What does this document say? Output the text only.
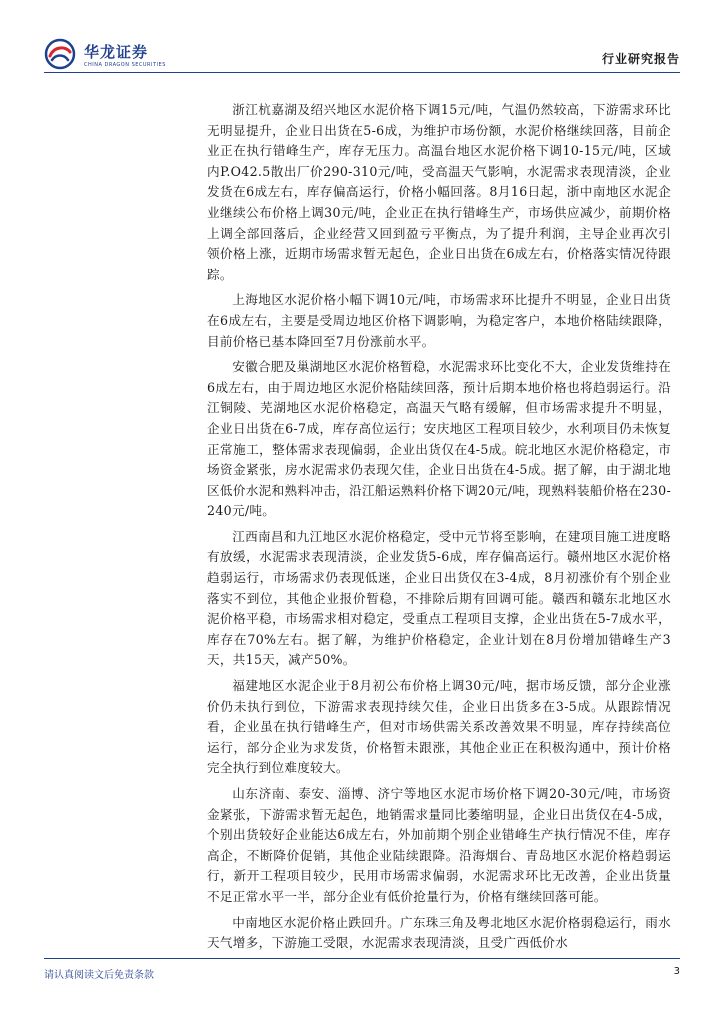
华龙证券
CHINA DRAGON SECURITIES	行业研究报告

浙江杭嘉湖及绍兴地区水泥价格下调15元/吨，气温仍然较高，下游需求环比无明显提升，企业日出货在5-6成，为维护市场份额，水泥价格继续回落，目前企业正在执行错峰生产，库存无压力。高温台地区水泥价格下调10-15元/吨，区域内P.O42.5散出厂价290-310元/吨，受高温天气影响，水泥需求表现清淡，企业发货在6成左右，库存偏高运行，价格小幅回落。8月16日起，浙中南地区水泥企业继续公布价格上调30元/吨，企业正在执行错峰生产，市场供应减少，前期价格上调全部回落后，企业经营又回到盈亏平衡点，为了提升利润，主导企业再次引领价格上涨，近期市场需求暂无起色，企业日出货在6成左右，价格落实情况待跟踪。

上海地区水泥价格小幅下调10元/吨，市场需求环比提升不明显，企业日出货在6成左右，主要是受周边地区价格下调影响，为稳定客户，本地价格陆续跟降，目前价格已基本降回至7月份涨前水平。

安徽合肥及巢湖地区水泥价格暂稳，水泥需求环比变化不大，企业发货维持在6成左右，由于周边地区水泥价格陆续回落，预计后期本地价格也将趋弱运行。沿江铜陵、芜湖地区水泥价格稳定，高温天气略有缓解，但市场需求提升不明显，企业日出货在6-7成，库存高位运行；安庆地区工程项目较少，水利项目仍未恢复正常施工，整体需求表现偏弱，企业出货仅在4-5成。皖北地区水泥价格稳定，市场资金紧张，房水泥需求仍表现欠佳，企业日出货在4-5成。据了解，由于湖北地区低价水泥和熟料冲击，沿江船运熟料价格下调20元/吨，现熟料装船价格在230-240元/吨。

江西南昌和九江地区水泥价格稳定，受中元节将至影响，在建项目施工进度略有放缓，水泥需求表现清淡，企业发货5-6成，库存偏高运行。赣州地区水泥价格趋弱运行，市场需求仍表现低迷，企业日出货仅在3-4成，8月初涨价有个别企业落实不到位，其他企业报价暂稳，不排除后期有回调可能。赣西和赣东北地区水泥价格平稳，市场需求相对稳定，受重点工程项目支撑，企业出货在5-7成水平，库存在70%左右。据了解，为维护价格稳定，企业计划在8月份增加错峰生产3天，共15天，减产50%。

福建地区水泥企业于8月初公布价格上调30元/吨，据市场反馈，部分企业涨价仍未执行到位，下游需求表现持续欠佳，企业日出货多在3-5成。从跟踪情况看，企业虽在执行错峰生产，但对市场供需关系改善效果不明显，库存持续高位运行，部分企业为求发货，价格暂未跟涨，其他企业正在积极沟通中，预计价格完全执行到位难度较大。

山东济南、泰安、淄博、济宁等地区水泥市场价格下调20-30元/吨，市场资金紧张，下游需求暂无起色，地销需求量同比萎缩明显，企业日出货仅在4-5成，个别出货较好企业能达6成左右，外加前期个别企业错峰生产执行情况不佳，库存高企，不断降价促销，其他企业陆续跟降。沿海烟台、青岛地区水泥价格趋弱运行，新开工程项目较少，民用市场需求偏弱，水泥需求环比无改善，企业出货量不足正常水平一半，部分企业有低价抢量行为，价格有继续回落可能。

中南地区水泥价格止跌回升。广东珠三角及粤北地区水泥价格弱稳运行，雨水天气增多，下游施工受限，水泥需求表现清淡，且受广西低价水

请认真阅读文后免责条款	3
